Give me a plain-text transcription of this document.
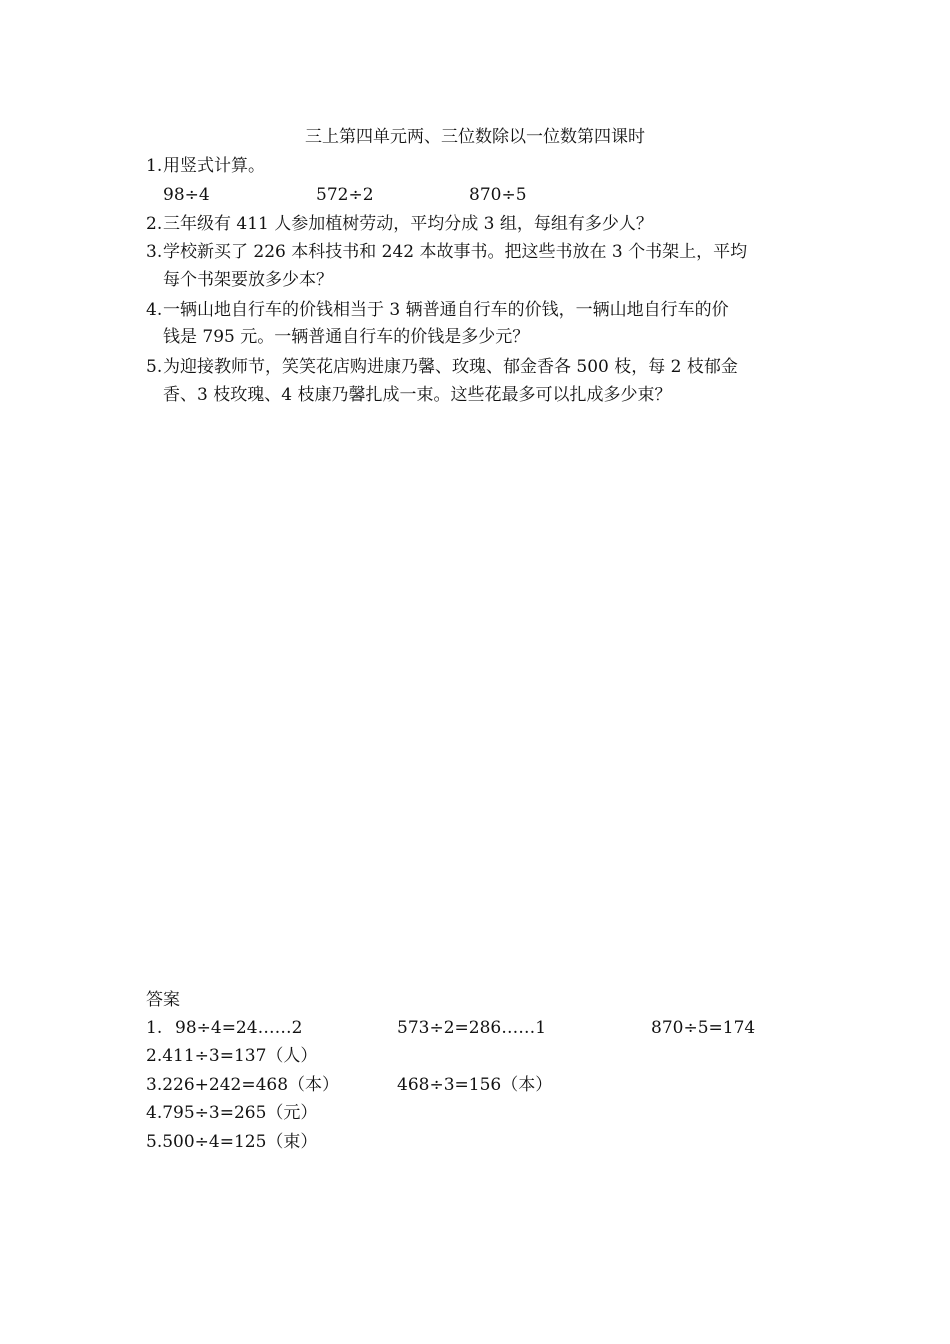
三上第四单元两、三位数除以一位数第四课时
1. 用竖式计算。
98÷4	572÷2	870÷5
2. 三年级有 411 人参加植树劳动，平均分成 3 组，每组有多少人？
3. 学校新买了 226 本科技书和 242 本故事书。把这些书放在 3 个书架上，平均
每个书架要放多少本？
4. 一辆山地自行车的价钱相当于 3 辆普通自行车的价钱，一辆山地自行车的价
钱是 795 元。一辆普通自行车的价钱是多少元？
5. 为迎接教师节，笑笑花店购进康乃馨、玫瑰、郁金香各 500 枝，每 2 枝郁金
香、3 枝玫瑰、4 枝康乃馨扎成一束。这些花最多可以扎成多少束？
答案
1. 98÷4=24……2	573÷2=286……1	870÷5=174
2.411÷3=137（人）
3.226+242=468（本）	468÷3=156（本）
4.795÷3=265（元）
5.500÷4=125（束）
